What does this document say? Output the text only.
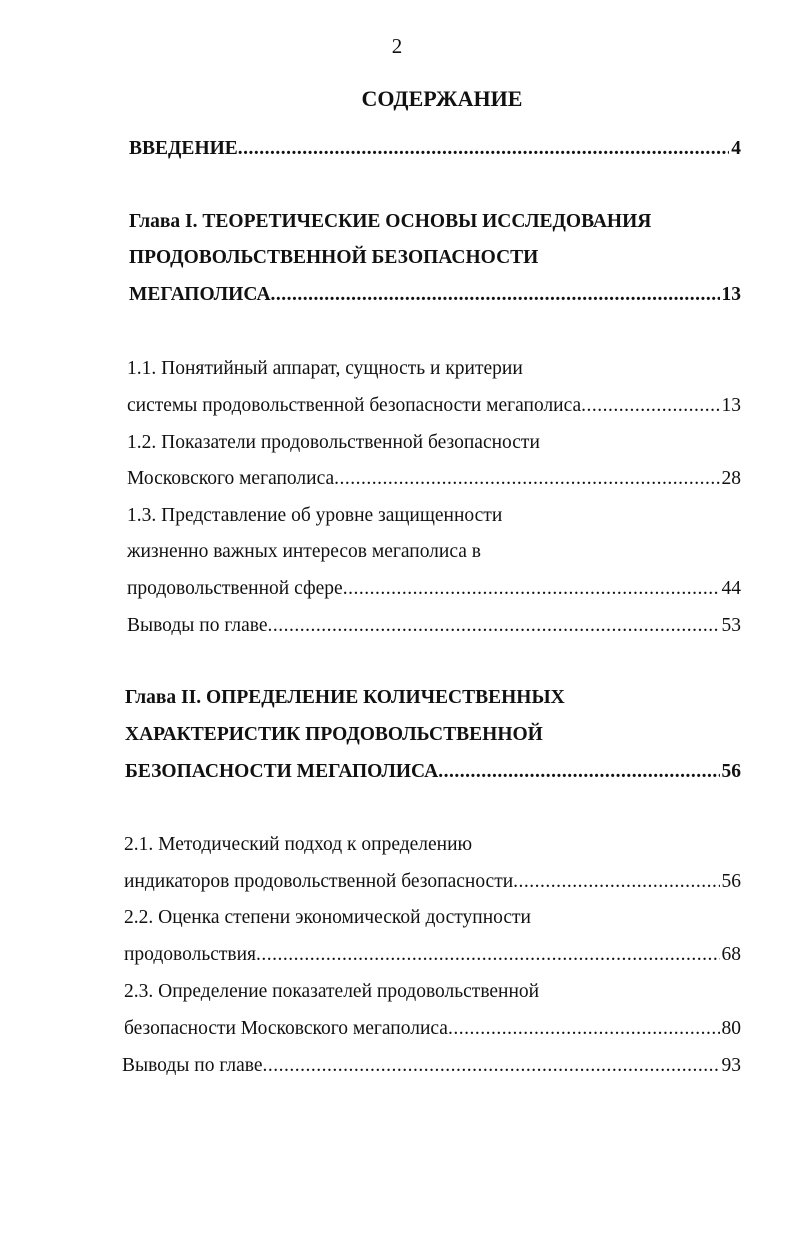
2
СОДЕРЖАНИЕ
ВВЕДЕНИЕ .....	4
Глава I. ТЕОРЕТИЧЕСКИЕ ОСНОВЫ ИССЛЕДОВАНИЯ
ПРОДОВОЛЬСТВЕННОЙ БЕЗОПАСНОСТИ
МЕГАПОЛИСА .....	13
1.1. Понятийный аппарат, сущность и критерии
системы продовольственной безопасности мегаполиса .....	13
1.2. Показатели продовольственной безопасности
Московского мегаполиса .....	28
1.3. Представление об уровне защищенности
жизненно важных интересов мегаполиса в
продовольственной сфере .....	44
Выводы по главе .....	53
Глава II. ОПРЕДЕЛЕНИЕ КОЛИЧЕСТВЕННЫХ
ХАРАКТЕРИСТИК ПРОДОВОЛЬСТВЕННОЙ
БЕЗОПАСНОСТИ МЕГАПОЛИСА .....	56
2.1. Методический подход к определению
индикаторов продовольственной безопасности .....	56
2.2. Оценка степени экономической доступности
продовольствия .....	68
2.3. Определение показателей продовольственной
безопасности Московского мегаполиса .....	80
Выводы по главе .....	93
